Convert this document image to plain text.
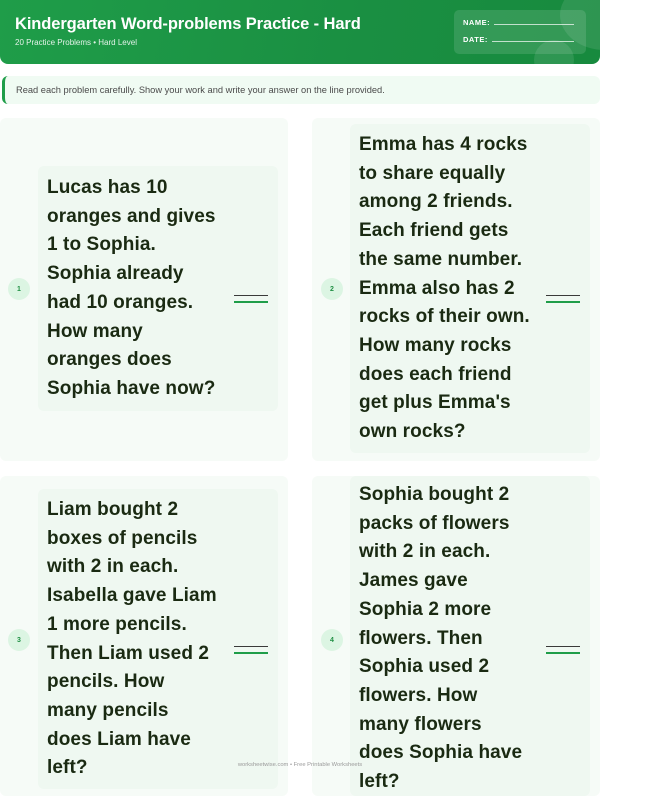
Kindergarten Word-problems Practice - Hard
20 Practice Problems • Hard Level
NAME:
DATE:
Read each problem carefully. Show your work and write your answer on the line provided.
1
Lucas has 10
oranges and gives
1 to Sophia.
Sophia already
had 10 oranges.
How many
oranges does
Sophia have now?
2
Emma has 4 rocks
to share equally
among 2 friends.
Each friend gets
the same number.
Emma also has 2
rocks of their own.
How many rocks
does each friend
get plus Emma's
own rocks?
3
Liam bought 2
boxes of pencils
with 2 in each.
Isabella gave Liam
1 more pencils.
Then Liam used 2
pencils. How
many pencils
does Liam have
left?
4
Sophia bought 2
packs of flowers
with 2 in each.
James gave
Sophia 2 more
flowers. Then
Sophia used 2
flowers. How
many flowers
does Sophia have
left?
worksheetwise.com • Free Printable Worksheets
